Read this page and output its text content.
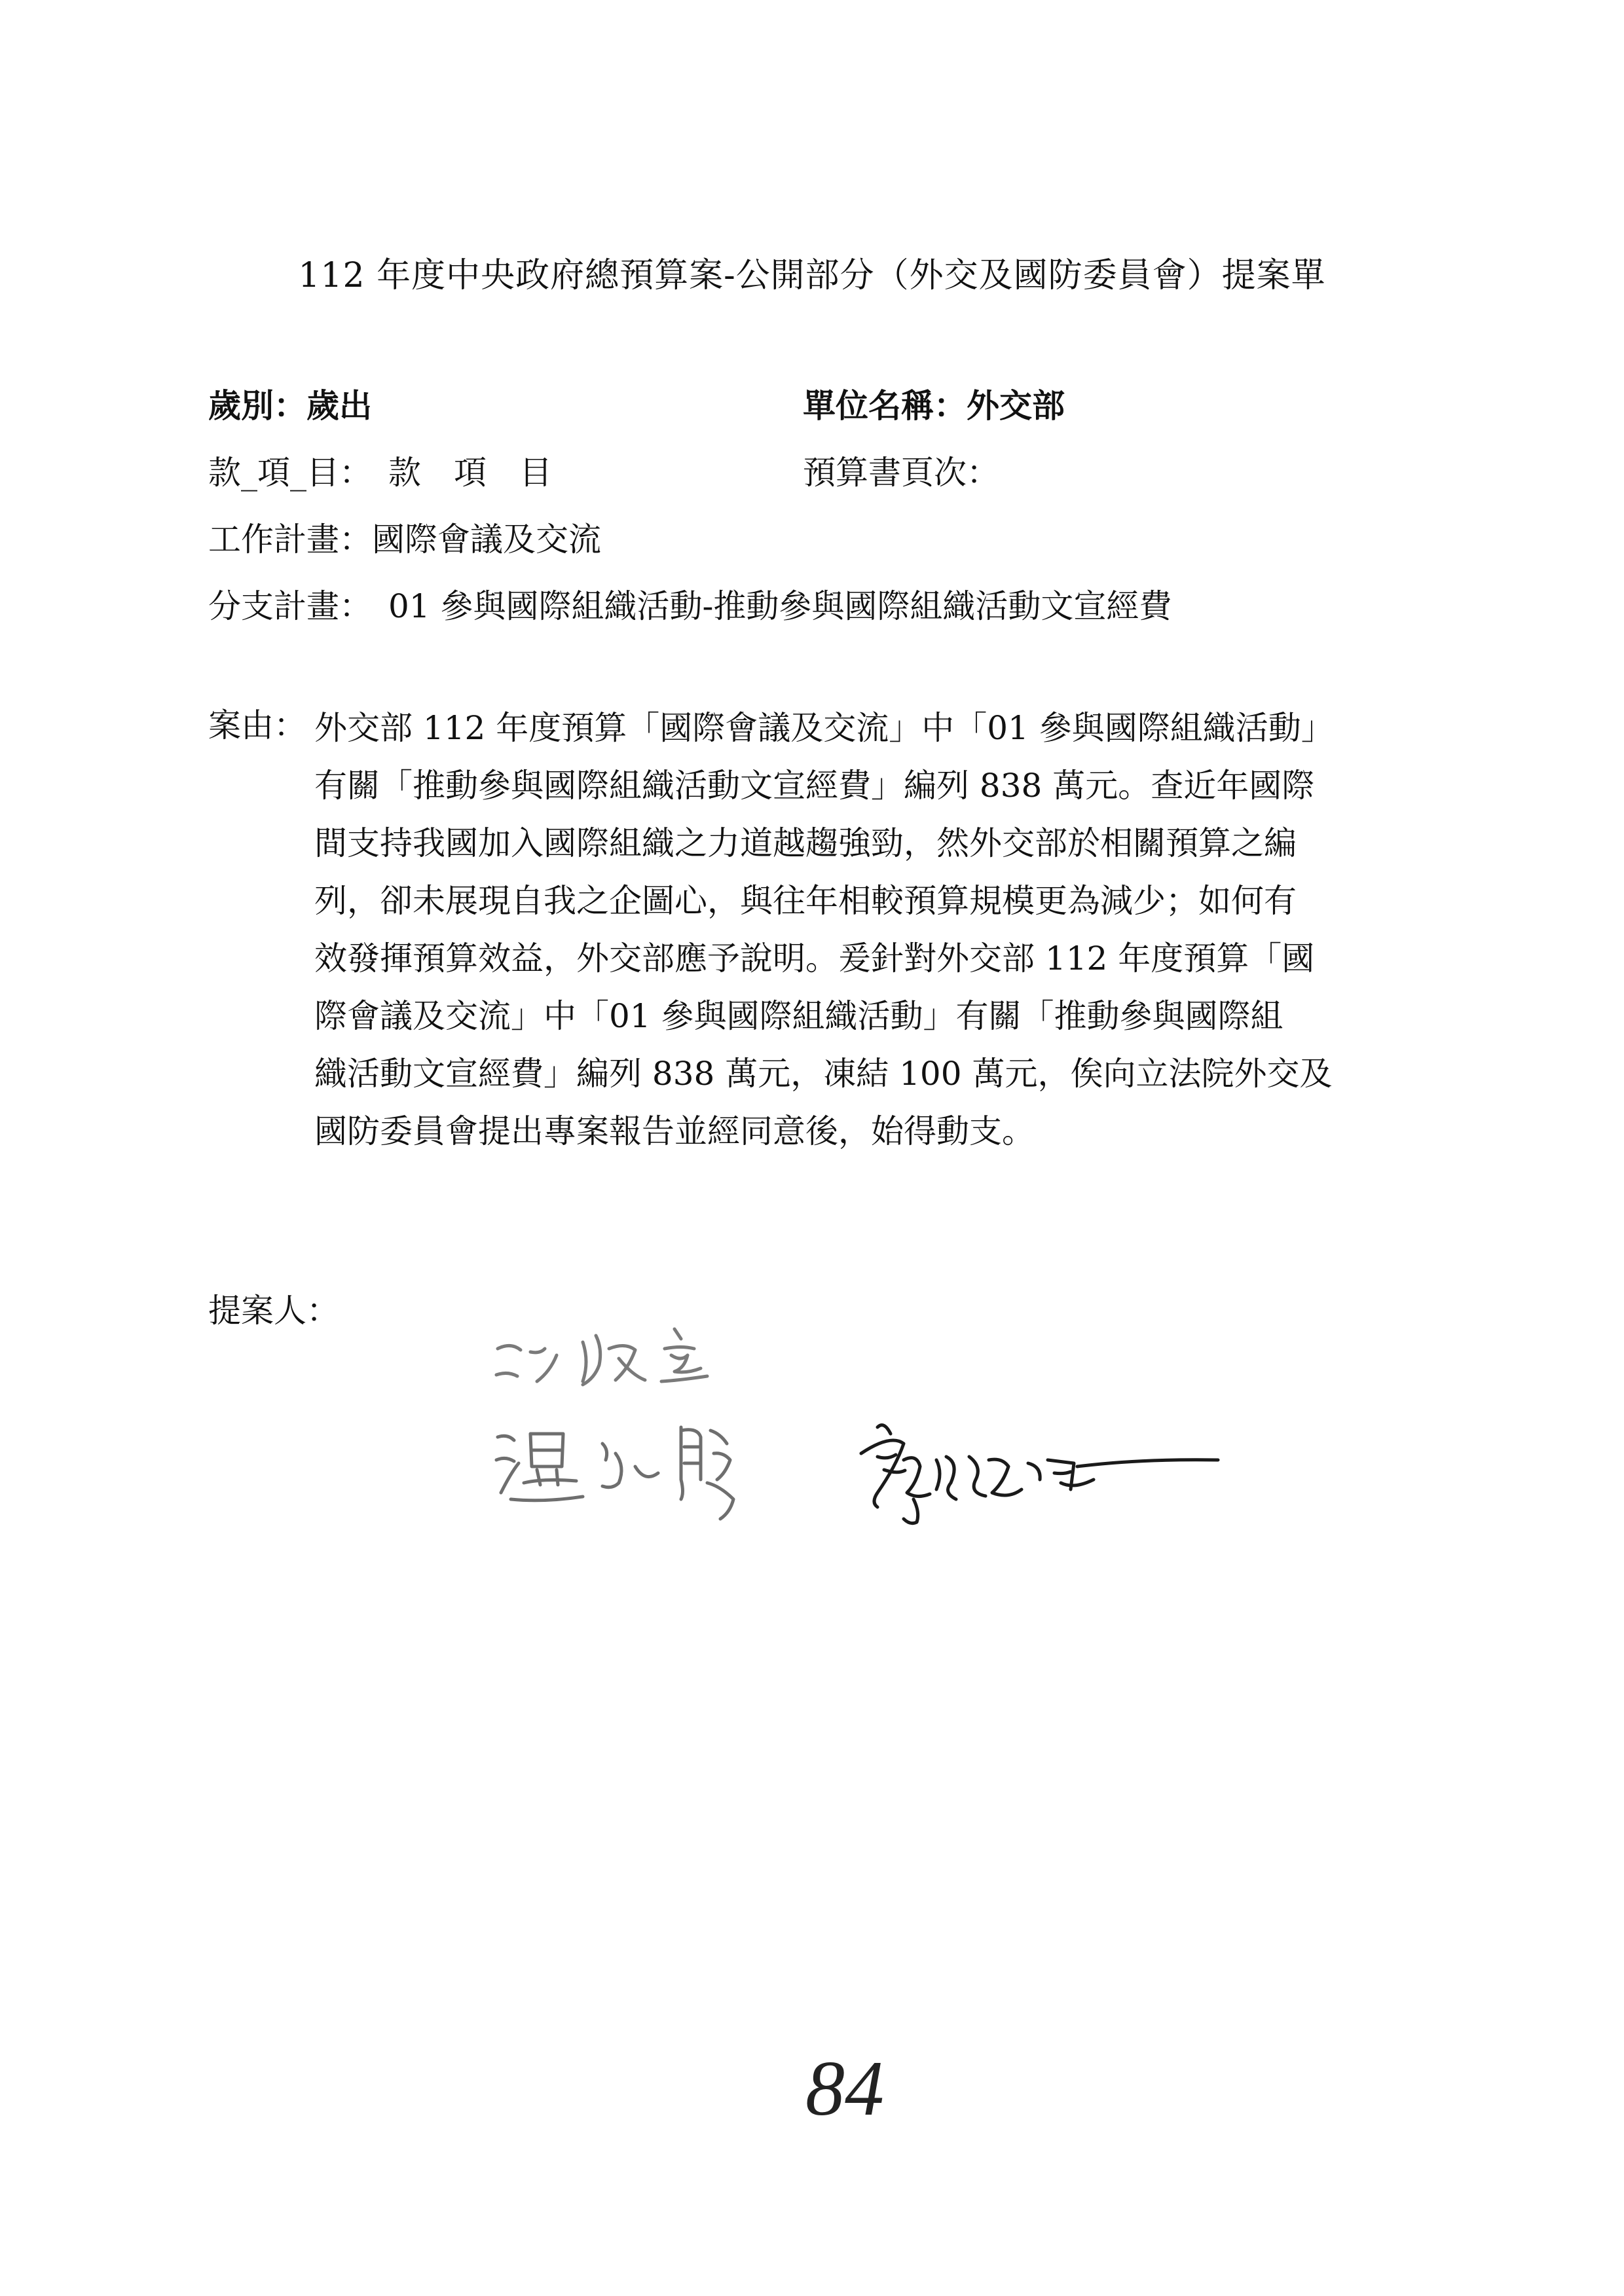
112 年度中央政府總預算案-公開部分（外交及國防委員會）提案單
歲別：歲出	單位名稱：外交部
款_項_目：　款　項　目	預算書頁次：
工作計畫：國際會議及交流
分支計畫：　01 參與國際組織活動-推動參與國際組織活動文宣經費
案由： 外交部 112 年度預算「國際會議及交流」中「01 參與國際組織活動」
有關「推動參與國際組織活動文宣經費」編列 838 萬元。查近年國際
間支持我國加入國際組織之力道越趨強勁，然外交部於相關預算之編
列，卻未展現自我之企圖心，與往年相較預算規模更為減少；如何有
效發揮預算效益，外交部應予說明。爰針對外交部 112 年度預算「國
際會議及交流」中「01 參與國際組織活動」有關「推動參與國際組
織活動文宣經費」編列 838 萬元，凍結 100 萬元，俟向立法院外交及
國防委員會提出專案報告並經同意後，始得動支。
提案人：
84
